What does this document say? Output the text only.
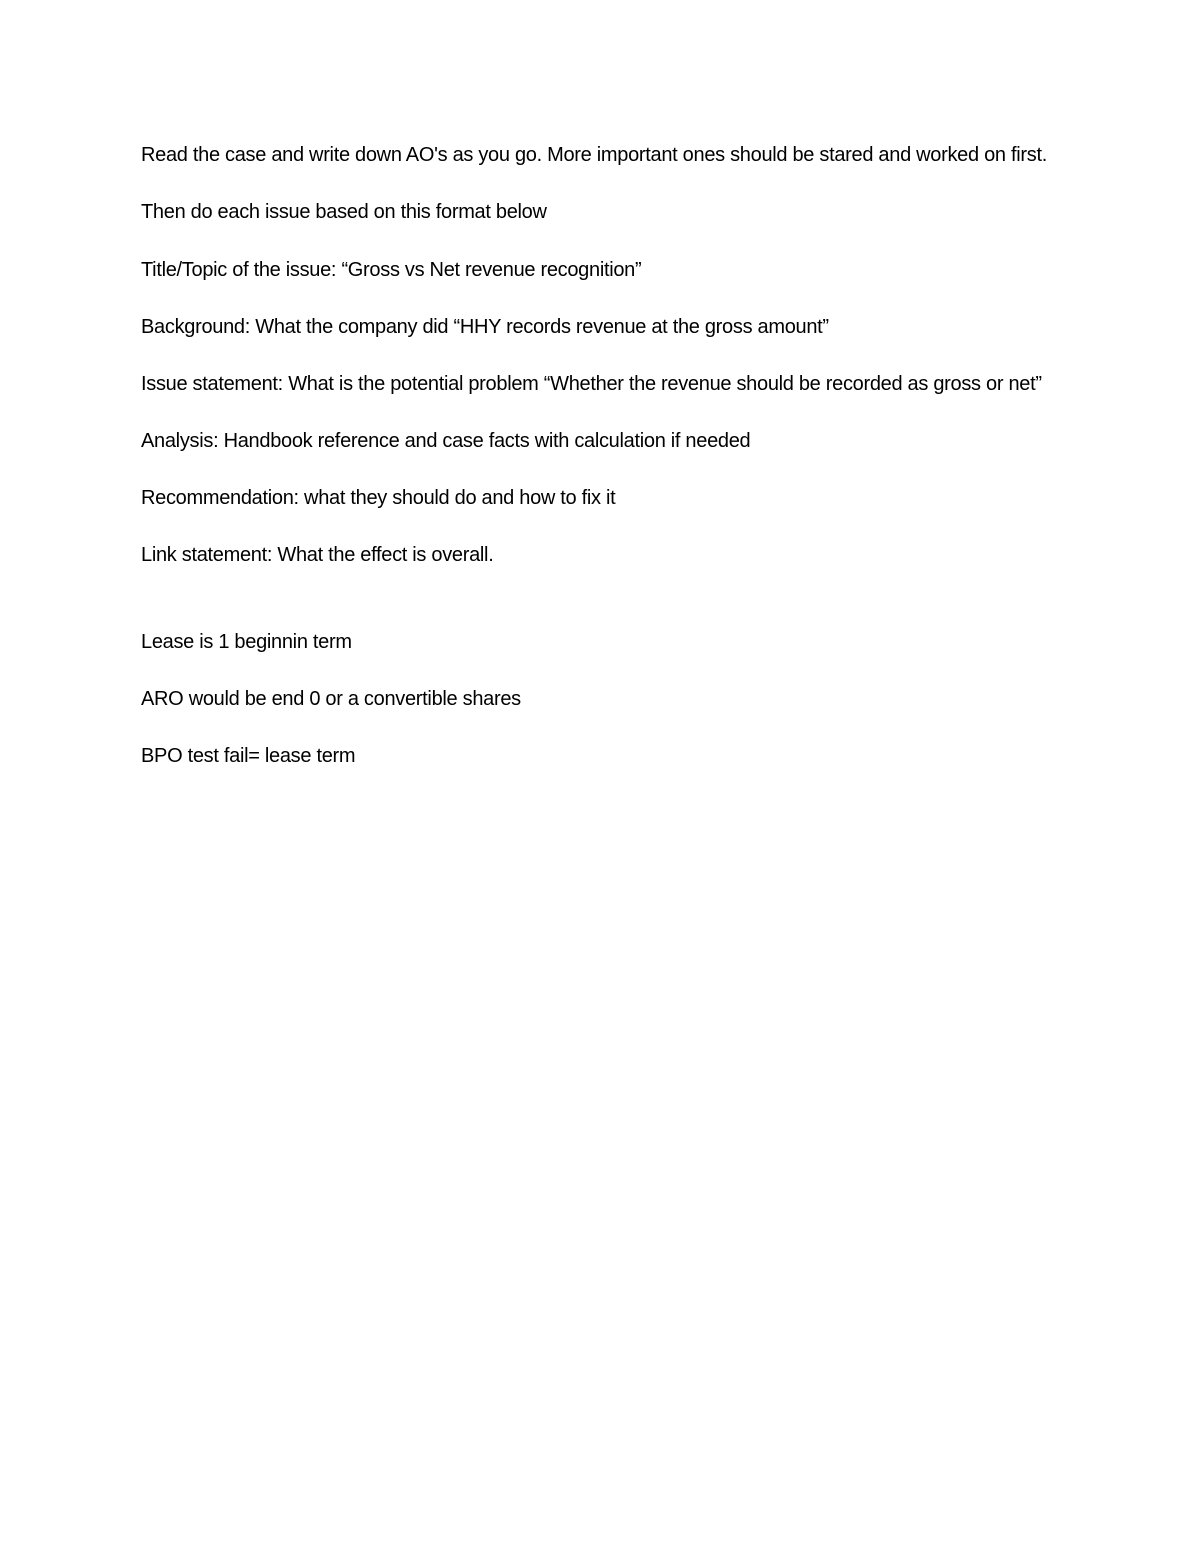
Read the case and write down AO's as you go. More important ones should be stared and worked on first.

Then do each issue based on this format below

Title/Topic of the issue: “Gross vs Net revenue recognition”

Background: What the company did “HHY records revenue at the gross amount”

Issue statement: What is the potential problem “Whether the revenue should be recorded as gross or net”

Analysis: Handbook reference and case facts with calculation if needed

Recommendation: what they should do and how to fix it

Link statement: What the effect is overall.

Lease is 1 beginnin term

ARO would be end 0 or a convertible shares

BPO test fail= lease term
